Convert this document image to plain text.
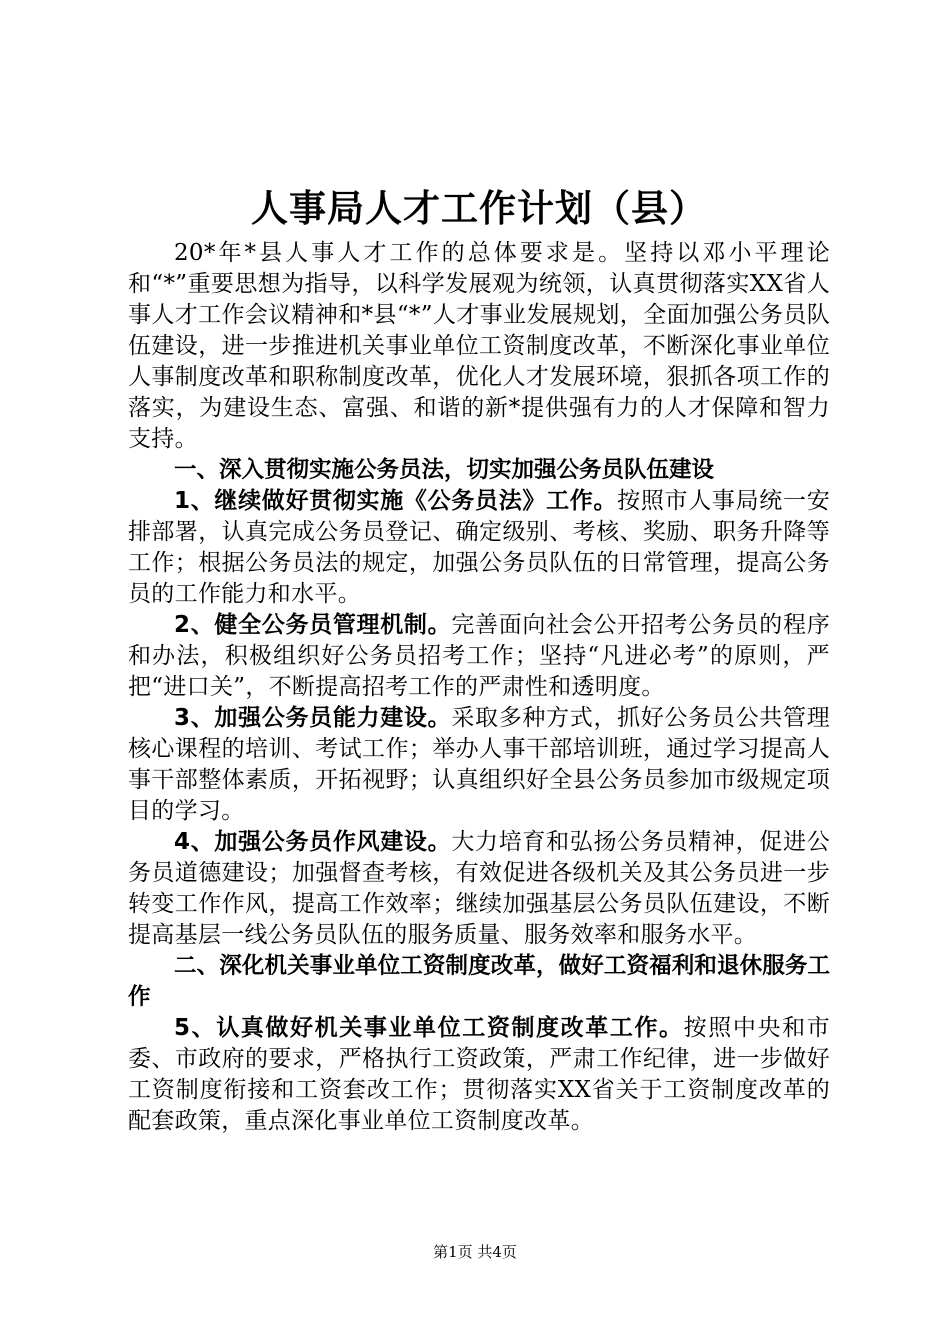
人事局人才工作计划（县）

20*年*县人事人才工作的总体要求是。坚持以邓小平理论和“*”重要思想为指导，以科学发展观为统领，认真贯彻落实XX省人事人才工作会议精神和*县“*”人才事业发展规划，全面加强公务员队伍建设，进一步推进机关事业单位工资制度改革，不断深化事业单位人事制度改革和职称制度改革，优化人才发展环境，狠抓各项工作的落实，为建设生态、富强、和谐的新*提供强有力的人才保障和智力支持。

一、深入贯彻实施公务员法，切实加强公务员队伍建设

1、继续做好贯彻实施《公务员法》工作。按照市人事局统一安排部署，认真完成公务员登记、确定级别、考核、奖励、职务升降等工作；根据公务员法的规定，加强公务员队伍的日常管理，提高公务员的工作能力和水平。

2、健全公务员管理机制。完善面向社会公开招考公务员的程序和办法，积极组织好公务员招考工作；坚持“凡进必考”的原则，严把“进口关”，不断提高招考工作的严肃性和透明度。

3、加强公务员能力建设。采取多种方式，抓好公务员公共管理核心课程的培训、考试工作；举办人事干部培训班，通过学习提高人事干部整体素质，开拓视野；认真组织好全县公务员参加市级规定项目的学习。

4、加强公务员作风建设。大力培育和弘扬公务员精神，促进公务员道德建设；加强督查考核，有效促进各级机关及其公务员进一步转变工作作风，提高工作效率；继续加强基层公务员队伍建设，不断提高基层一线公务员队伍的服务质量、服务效率和服务水平。

二、深化机关事业单位工资制度改革，做好工资福利和退休服务工作

5、认真做好机关事业单位工资制度改革工作。按照中央和市委、市政府的要求，严格执行工资政策，严肃工作纪律，进一步做好工资制度衔接和工资套改工作；贯彻落实XX省关于工资制度改革的配套政策，重点深化事业单位工资制度改革。

第1页 共4页
